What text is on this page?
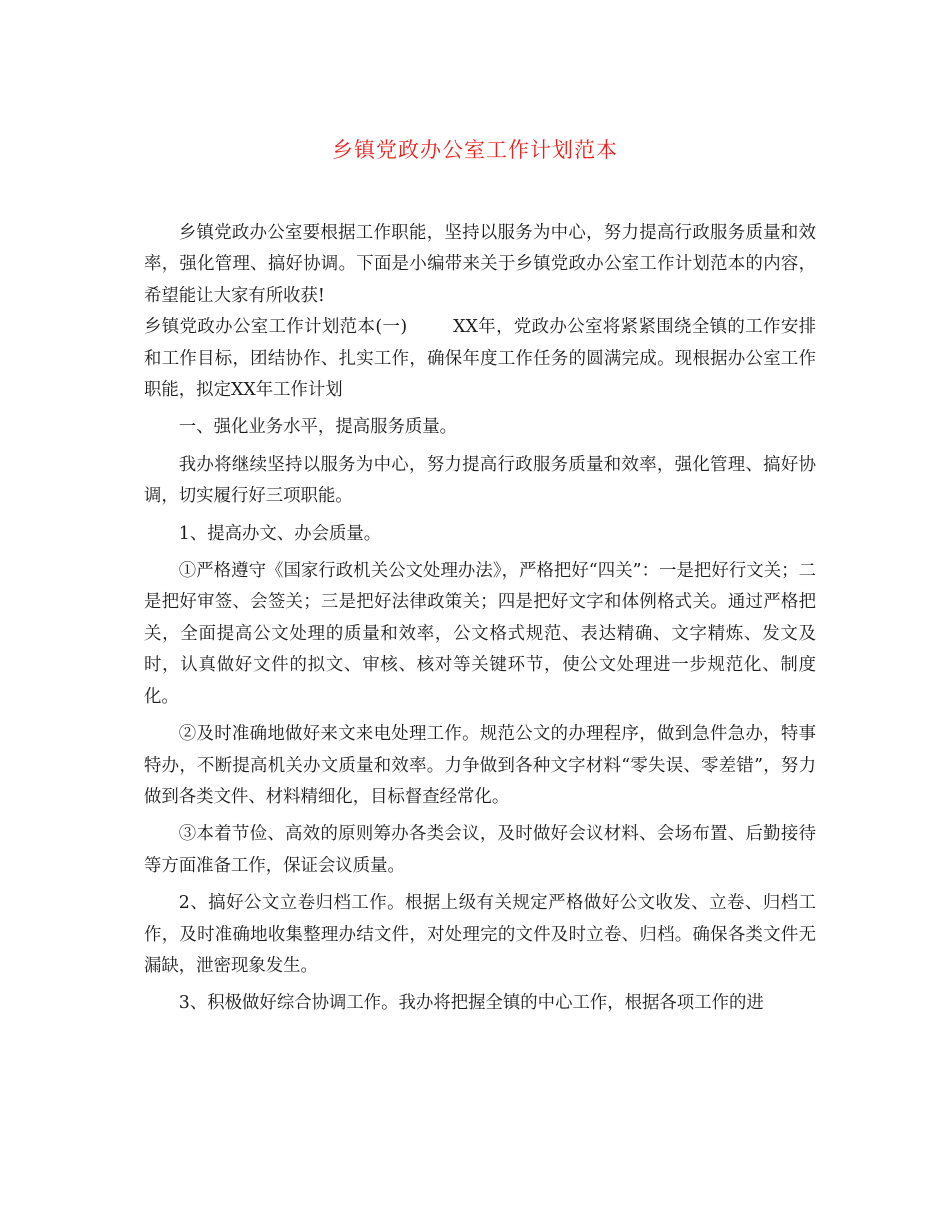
乡镇党政办公室工作计划范本

乡镇党政办公室要根据工作职能，坚持以服务为中心，努力提高行政服务质量和效率，强化管理、搞好协调。下面是小编带来关于乡镇党政办公室工作计划范本的内容，希望能让大家有所收获!

乡镇党政办公室工作计划范本(一)	XX年，党政办公室将紧紧围绕全镇的工作安排和工作目标，团结协作、扎实工作，确保年度工作任务的圆满完成。现根据办公室工作职能，拟定XX年工作计划

一、强化业务水平，提高服务质量。

我办将继续坚持以服务为中心，努力提高行政服务质量和效率，强化管理、搞好协调，切实履行好三项职能。

1、提高办文、办会质量。

①严格遵守《国家行政机关公文处理办法》，严格把好“四关”：一是把好行文关；二是把好审签、会签关；三是把好法律政策关；四是把好文字和体例格式关。通过严格把关，全面提高公文处理的质量和效率，公文格式规范、表达精确、文字精炼、发文及时，认真做好文件的拟文、审核、核对等关键环节，使公文处理进一步规范化、制度化。

②及时准确地做好来文来电处理工作。规范公文的办理程序，做到急件急办，特事特办，不断提高机关办文质量和效率。力争做到各种文字材料“零失误、零差错”，努力做到各类文件、材料精细化，目标督查经常化。

③本着节俭、高效的原则筹办各类会议，及时做好会议材料、会场布置、后勤接待等方面准备工作，保证会议质量。

2、搞好公文立卷归档工作。根据上级有关规定严格做好公文收发、立卷、归档工作，及时准确地收集整理办结文件，对处理完的文件及时立卷、归档。确保各类文件无漏缺，泄密现象发生。

3、积极做好综合协调工作。我办将把握全镇的中心工作，根据各项工作的进
